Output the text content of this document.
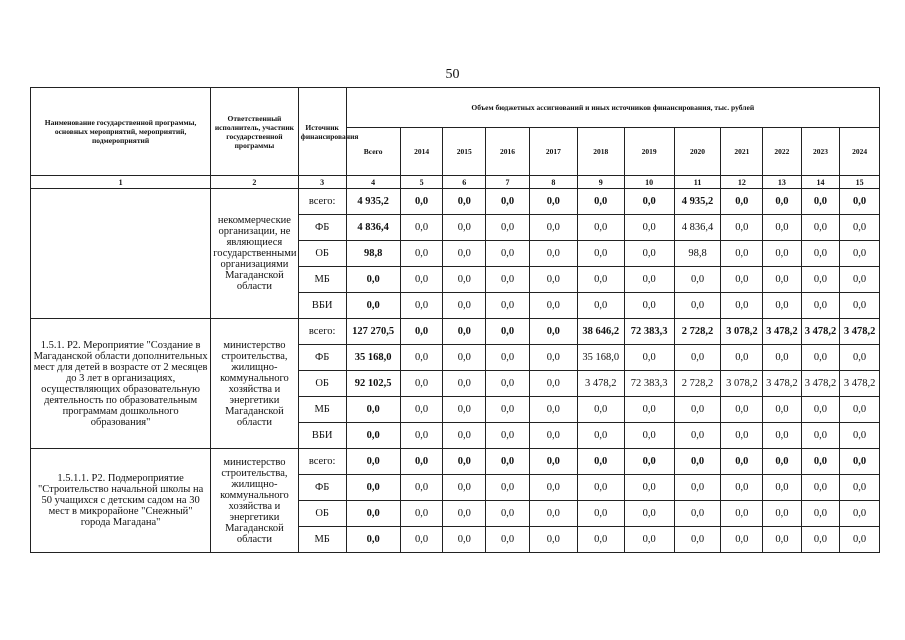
50
Наименование государственной программы, основных мероприятий, мероприятий, подмероприятий	Ответственный исполнитель, участник государственной программы	Источник финансирования	Объем бюджетных ассигнований и иных источников финансирования, тыс. рублей											
			Всего	2014	2015	2016	2017	2018	2019	2020	2021	2022	2023	2024
1	2	3	4	5	6	7	8	9	10	11	12	13	14	15
	некоммерческие организации, не являющиеся государственными организациями Магаданской области	всего:	4 935,2	0,0	0,0	0,0	0,0	0,0	0,0	4 935,2	0,0	0,0	0,0	0,0
		ФБ	4 836,4	0,0	0,0	0,0	0,0	0,0	0,0	4 836,4	0,0	0,0	0,0	0,0
		ОБ	98,8	0,0	0,0	0,0	0,0	0,0	0,0	98,8	0,0	0,0	0,0	0,0
		МБ	0,0	0,0	0,0	0,0	0,0	0,0	0,0	0,0	0,0	0,0	0,0	0,0
		ВБИ	0,0	0,0	0,0	0,0	0,0	0,0	0,0	0,0	0,0	0,0	0,0	0,0
1.5.1. Р2. Мероприятие "Создание в Магаданской области дополнительных мест для детей в возрасте от 2 месяцев до 3 лет в организациях, осуществляющих образовательную деятельность по образовательным программам дошкольного образования"	министерство строительства, жилищно-коммунального хозяйства и энергетики Магаданской области	всего:	127 270,5	0,0	0,0	0,0	0,0	38 646,2	72 383,3	2 728,2	3 078,2	3 478,2	3 478,2	3 478,2
		ФБ	35 168,0	0,0	0,0	0,0	0,0	35 168,0	0,0	0,0	0,0	0,0	0,0	0,0
		ОБ	92 102,5	0,0	0,0	0,0	0,0	3 478,2	72 383,3	2 728,2	3 078,2	3 478,2	3 478,2	3 478,2
		МБ	0,0	0,0	0,0	0,0	0,0	0,0	0,0	0,0	0,0	0,0	0,0	0,0
		ВБИ	0,0	0,0	0,0	0,0	0,0	0,0	0,0	0,0	0,0	0,0	0,0	0,0
1.5.1.1. Р2. Подмероприятие "Строительство начальной школы на 50 учащихся с детским садом на 30 мест в микрорайоне "Снежный" города Магадана"	министерство строительства, жилищно-коммунального хозяйства и энергетики Магаданской области	всего:	0,0	0,0	0,0	0,0	0,0	0,0	0,0	0,0	0,0	0,0	0,0	0,0
		ФБ	0,0	0,0	0,0	0,0	0,0	0,0	0,0	0,0	0,0	0,0	0,0	0,0
		ОБ	0,0	0,0	0,0	0,0	0,0	0,0	0,0	0,0	0,0	0,0	0,0	0,0
		МБ	0,0	0,0	0,0	0,0	0,0	0,0	0,0	0,0	0,0	0,0	0,0	0,0
